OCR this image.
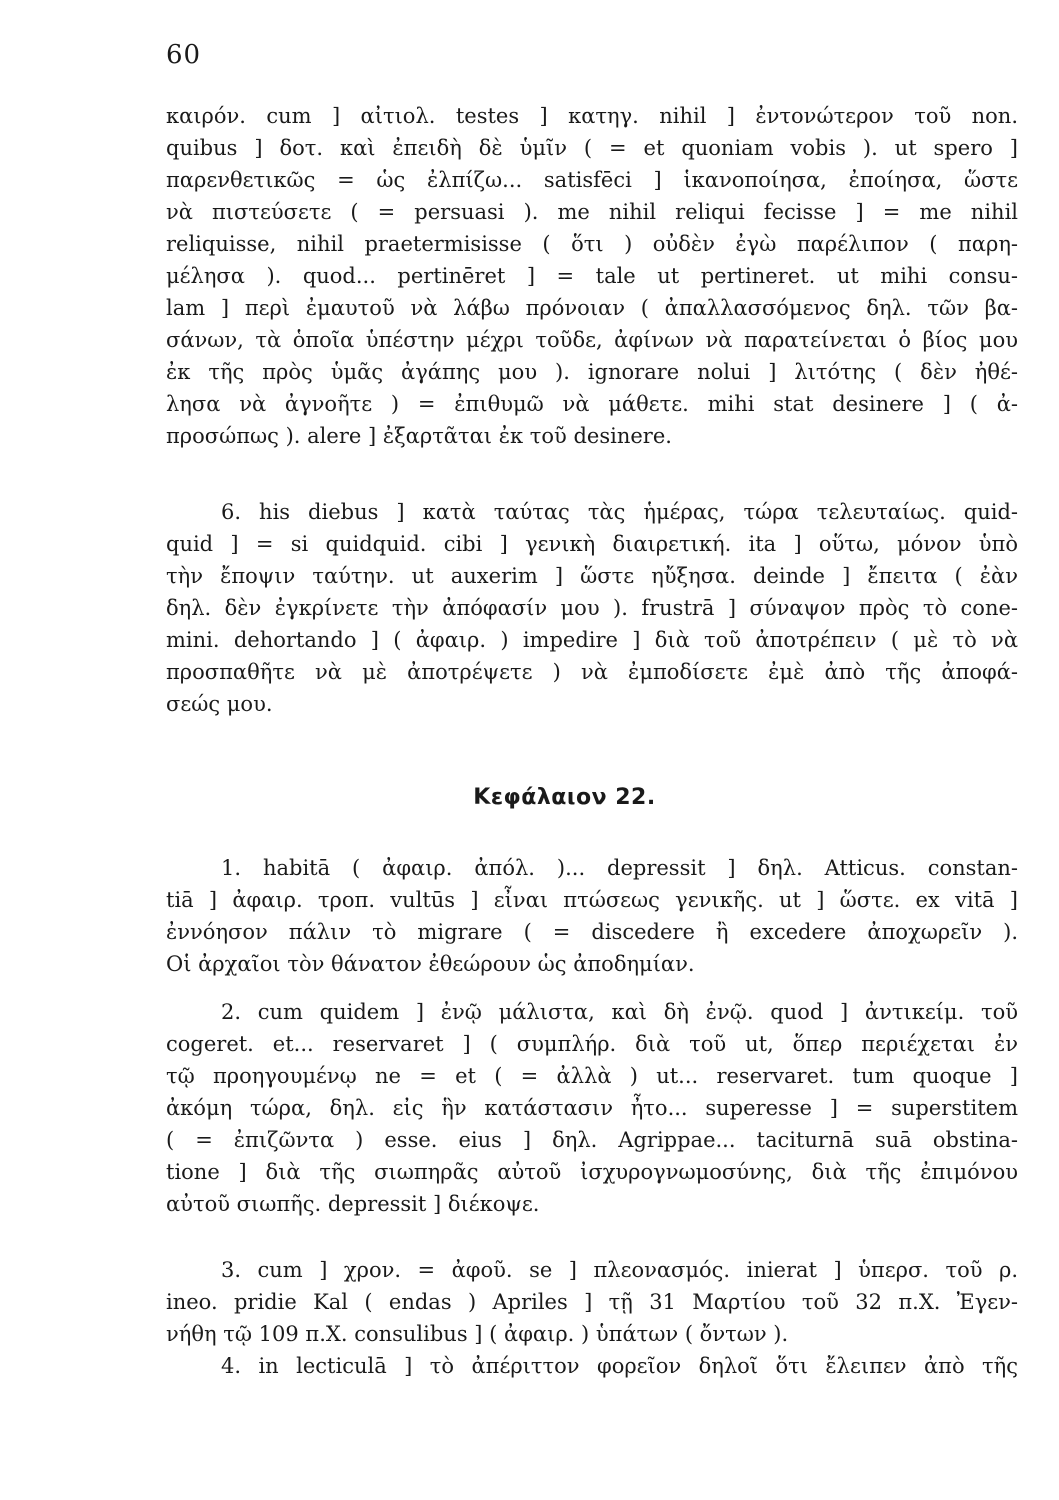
60
καιρόν. cum ] αἰτιολ. testes ] κατηγ. nihil ] ἐντονώτερον τοῦ non.
quibus ] δοτ. καὶ ἐπειδὴ δὲ ὑμῖν ( = et quoniam vobis ). ut spero ]
παρενθετικῶς = ὡς ἐλπίζω... satisfēci ] ἱκανοποίησα, ἐποίησα, ὥστε
νὰ πιστεύσετε ( = persuasi ). me nihil reliqui fecisse ] = me nihil
reliquisse, nihil praetermisisse ( ὅτι ) οὐδὲν ἐγὼ παρέλιπον ( παρη-
μέλησα ). quod... pertinēret ] = tale ut pertineret. ut mihi consu-
lam ] περὶ ἐμαυτοῦ νὰ λάβω πρόνοιαν ( ἀπαλλασσόμενος δηλ. τῶν βα-
σάνων, τὰ ὁποῖα ὑπέστην μέχρι τοῦδε, ἀφίνων νὰ παρατείνεται ὁ βίος μου
ἐκ τῆς πρὸς ὑμᾶς ἀγάπης μου ). ignorare nolui ] λιτότης ( δὲν ἠθέ-
λησα νὰ ἀγνοῆτε ) = ἐπιθυμῶ νὰ μάθετε. mihi stat desinere ] ( ἀ-
προσώπως ). alere ] ἐξαρτᾶται ἐκ τοῦ desinere.
6. his diebus ] κατὰ ταύτας τὰς ἡμέρας, τώρα τελευταίως. quid-
quid ] = si quidquid. cibi ] γενικὴ διαιρετική. ita ] οὕτω, μόνον ὑπὸ
τὴν ἔποψιν ταύτην. ut auxerim ] ὥστε ηὔξησα. deinde ] ἔπειτα ( ἐὰν
δηλ. δὲν ἐγκρίνετε τὴν ἀπόφασίν μου ). frustrā ] σύναψον πρὸς τὸ cone-
mini. dehortando ] ( ἀφαιρ. ) impedire ] διὰ τοῦ ἀποτρέπειν ( μὲ τὸ νὰ
προσπαθῆτε νὰ μὲ ἀποτρέψετε ) νὰ ἐμποδίσετε ἐμὲ ἀπὸ τῆς ἀποφά-
σεώς μου.
Κεφάλαιον 22.
1. habitā ( ἀφαιρ. ἀπόλ. )... depressit ] δηλ. Atticus. constan-
tiā ] ἀφαιρ. τροπ. vultūs ] εἶναι πτώσεως γενικῆς. ut ] ὥστε. ex vitā ]
ἐννόησον πάλιν τὸ migrare ( = discedere ἢ excedere ἀποχωρεῖν ).
Οἱ ἀρχαῖοι τὸν θάνατον ἐθεώρουν ὡς ἀποδημίαν.
2. cum quidem ] ἐνῷ μάλιστα, καὶ δὴ ἐνῷ. quod ] ἀντικείμ. τοῦ
cogeret. et... reservaret ] ( συμπλήρ. διὰ τοῦ ut, ὅπερ περιέχεται ἐν
τῷ προηγουμένῳ ne = et ( = ἀλλὰ ) ut... reservaret. tum quoque ]
ἀκόμη τώρα, δηλ. εἰς ἣν κατάστασιν ἦτο... superesse ] = superstitem
( = ἐπιζῶντα ) esse. eius ] δηλ. Agrippae... taciturnā suā obstina-
tione ] διὰ τῆς σιωπηρᾶς αὐτοῦ ἰσχυρογνωμοσύνης, διὰ τῆς ἐπιμόνου
αὐτοῦ σιωπῆς. depressit ] διέκοψε.
3. cum ] χρον. = ἀφοῦ. se ] πλεονασμός. inierat ] ὑπερσ. τοῦ ρ.
ineo. pridie Kal ( endas ) Apriles ] τῇ 31 Μαρτίου τοῦ 32 π.Χ. Ἐγεν-
νήθη τῷ 109 π.Χ. consulibus ] ( ἀφαιρ. ) ὑπάτων ( ὄντων ).
4. in lecticulā ] τὸ ἀπέριττον φορεῖον δηλοῖ ὅτι ἔλειπεν ἀπὸ τῆς
